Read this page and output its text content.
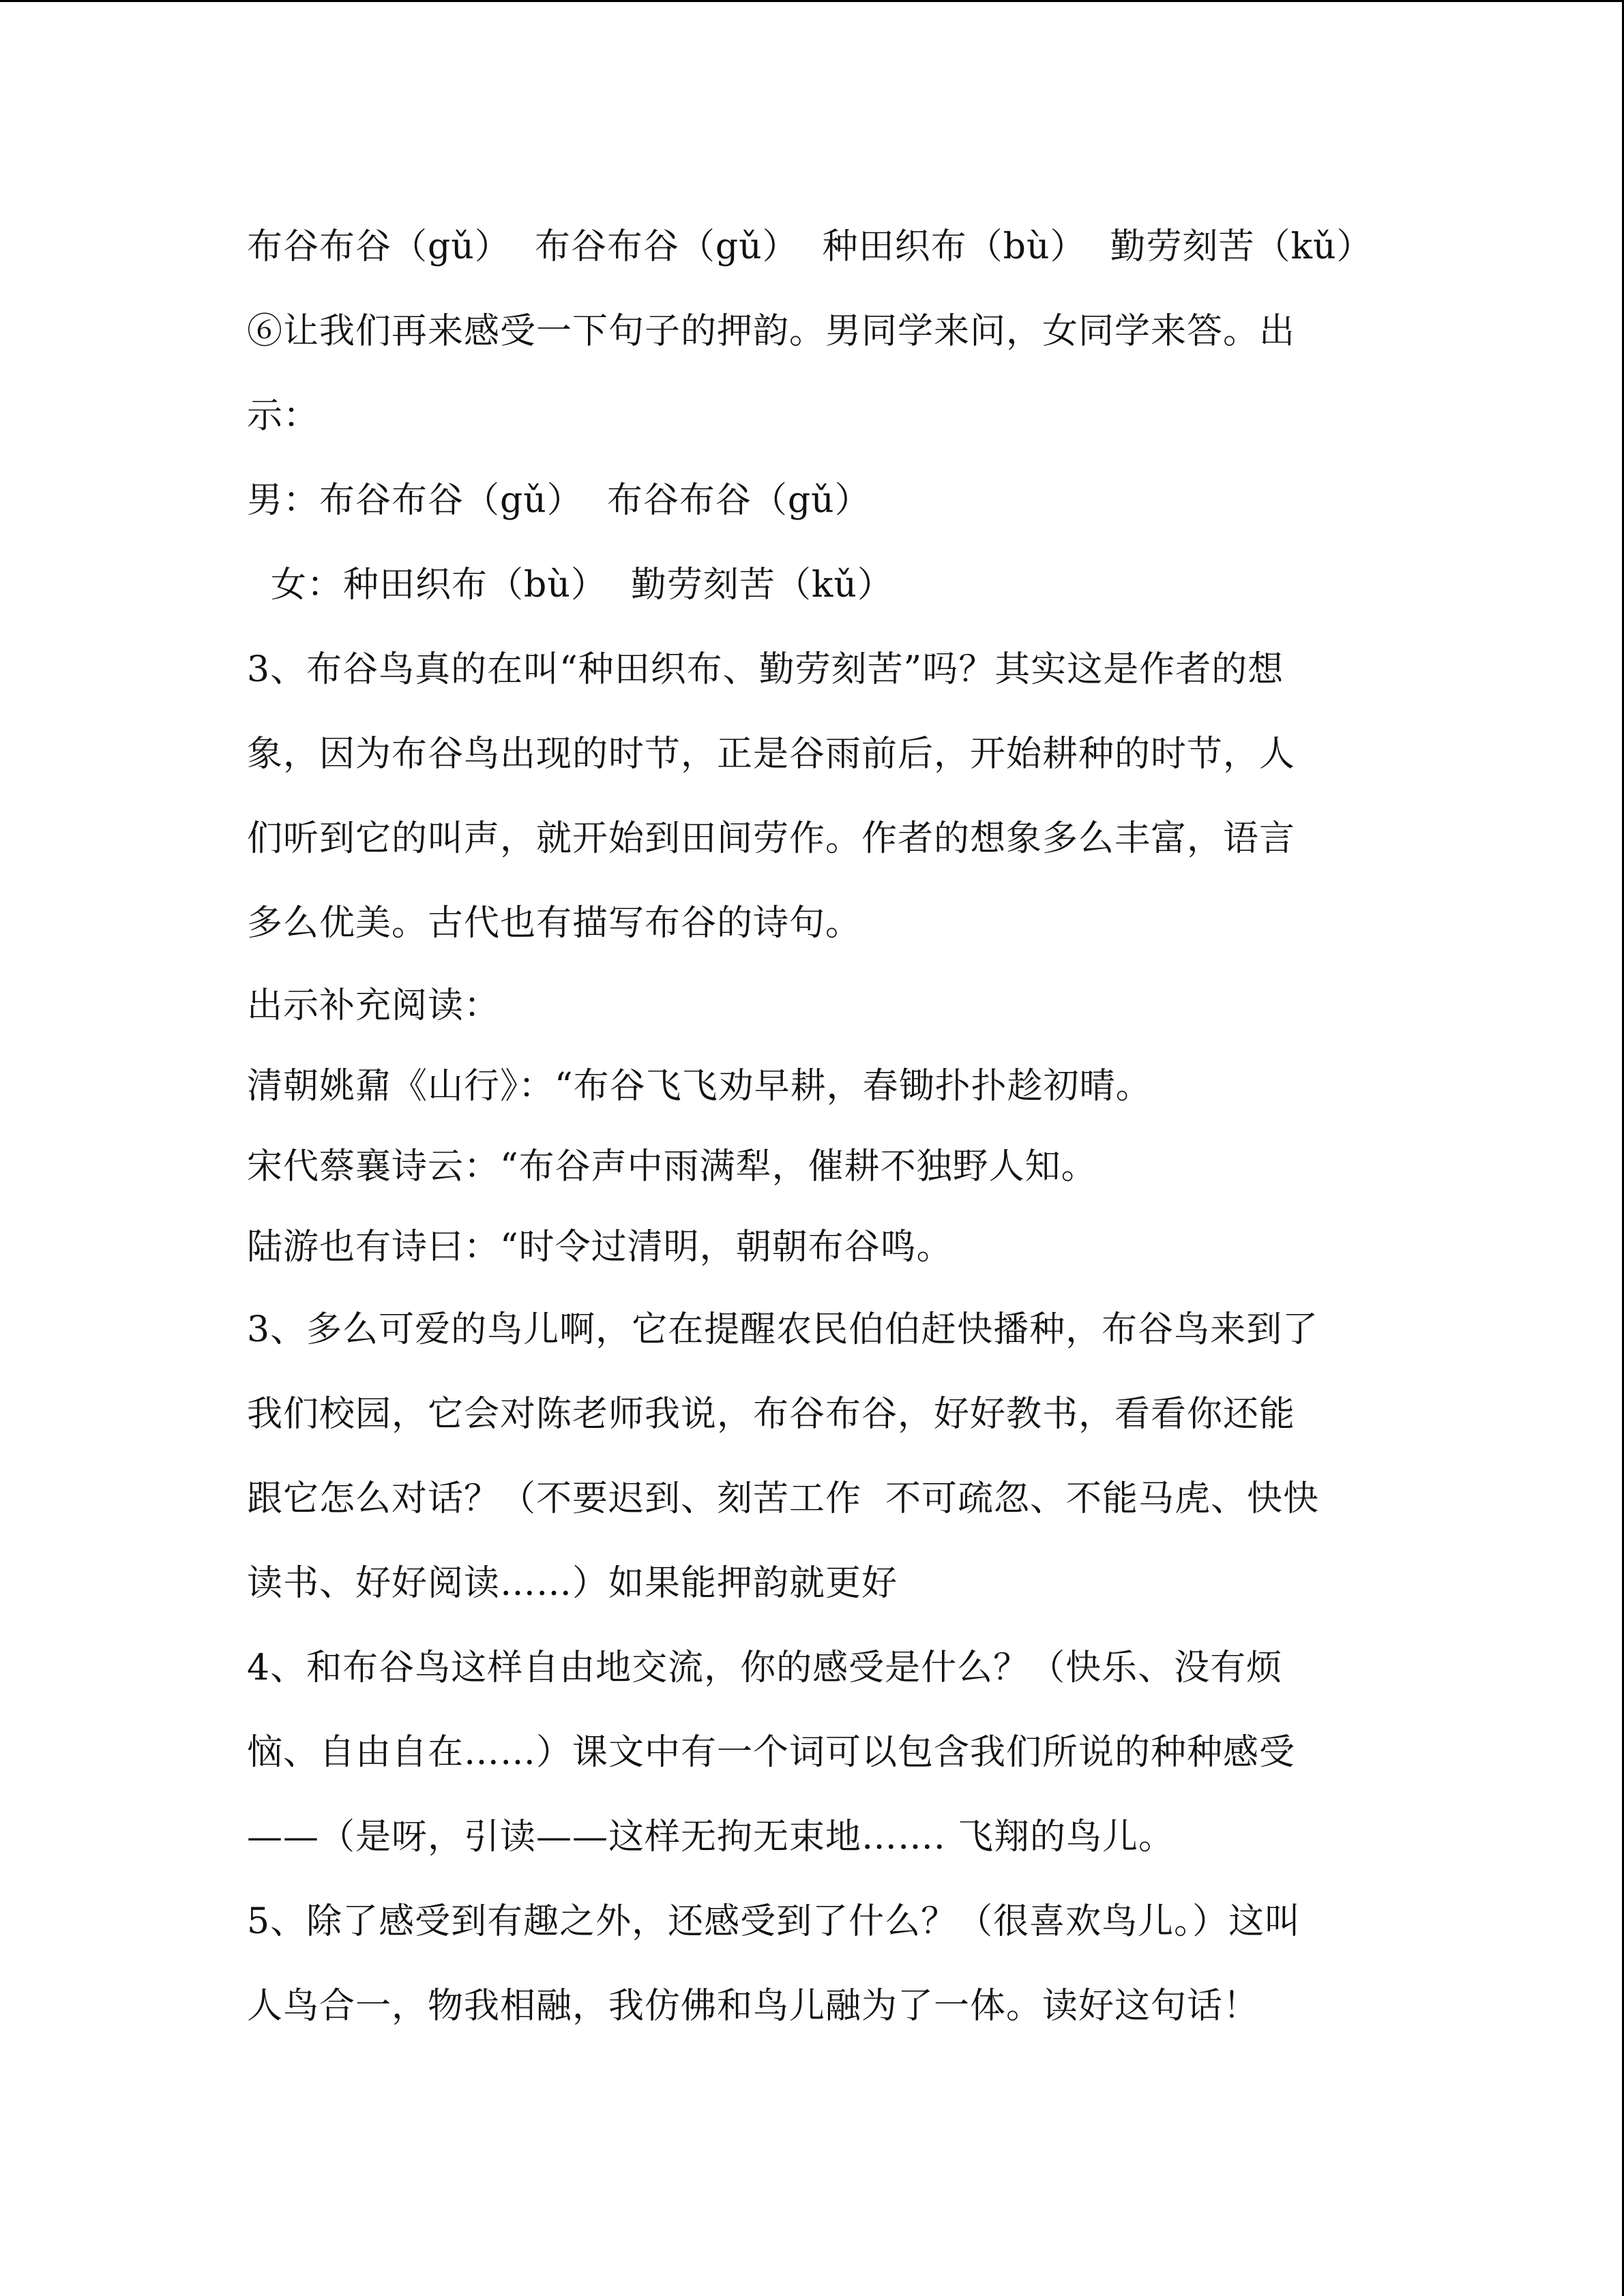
布谷布谷（gǔ）  布谷布谷（gǔ）  种田织布（bù）  勤劳刻苦（kǔ）
⑥让我们再来感受一下句子的押韵。男同学来问，女同学来答。出
示：
男：布谷布谷（gǔ）  布谷布谷（gǔ）
女：种田织布（bù）  勤劳刻苦（kǔ）
3、布谷鸟真的在叫“种田织布、勤劳刻苦”吗？其实这是作者的想
象，因为布谷鸟出现的时节，正是谷雨前后，开始耕种的时节，人
们听到它的叫声，就开始到田间劳作。作者的想象多么丰富，语言
多么优美。古代也有描写布谷的诗句。
出示补充阅读：
清朝姚鼐《山行》：“布谷飞飞劝早耕，春锄扑扑趁初晴。
宋代蔡襄诗云：“布谷声中雨满犁，催耕不独野人知。
陆游也有诗曰：“时令过清明，朝朝布谷鸣。
3、多么可爱的鸟儿啊，它在提醒农民伯伯赶快播种，布谷鸟来到了
我们校园，它会对陈老师我说，布谷布谷，好好教书，看看你还能
跟它怎么对话？（不要迟到、刻苦工作  不可疏忽、不能马虎、快快
读书、好好阅读……）如果能押韵就更好
4、和布谷鸟这样自由地交流，你的感受是什么？（快乐、没有烦
恼、自由自在……）课文中有一个词可以包含我们所说的种种感受
——（是呀，引读——这样无拘无束地……. 飞翔的鸟儿。
5、除了感受到有趣之外，还感受到了什么？（很喜欢鸟儿。）这叫
人鸟合一，物我相融，我仿佛和鸟儿融为了一体。读好这句话！
